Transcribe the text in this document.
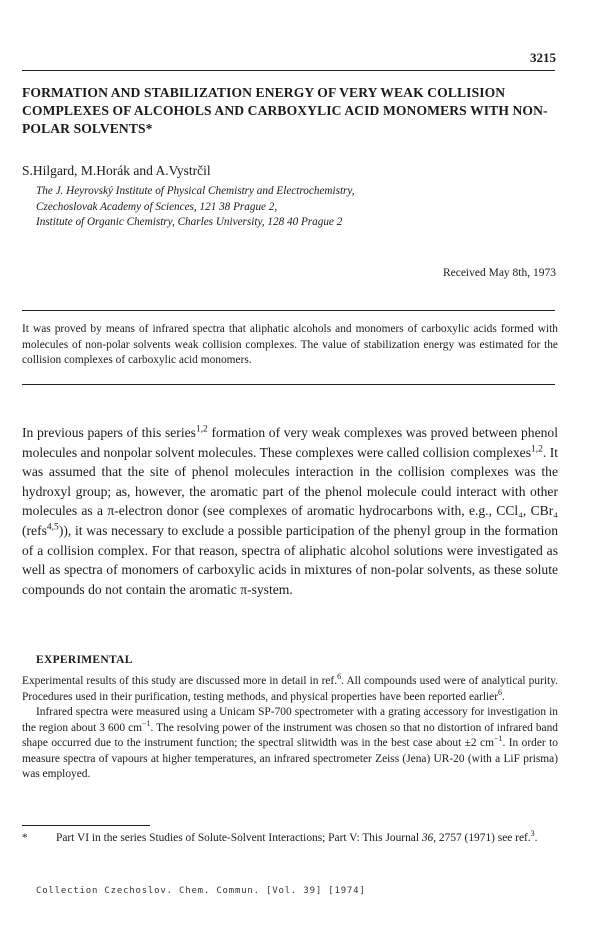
3215
FORMATION AND STABILIZATION ENERGY OF VERY WEAK COLLISION COMPLEXES OF ALCOHOLS AND CARBOXYLIC ACID MONOMERS WITH NON-POLAR SOLVENTS*
S.Hilgard, M.Horák and A.Vystrčil
The J. Heyrovský Institute of Physical Chemistry and Electrochemistry,
Czechoslovak Academy of Sciences, 121 38 Prague 2,
Institute of Organic Chemistry, Charles University, 128 40 Prague 2
Received May 8th, 1973
It was proved by means of infrared spectra that aliphatic alcohols and monomers of carboxylic acids formed with molecules of non-polar solvents weak collision complexes. The value of stabilization energy was estimated for the collision complexes of carboxylic acid monomers.
In previous papers of this series$^{1,2}$ formation of very weak complexes was proved between phenol molecules and nonpolar solvent molecules. These complexes were called collision complexes$^{1,2}$. It was assumed that the site of phenol molecules interaction in the collision complexes was the hydroxyl group; as, however, the aromatic part of the phenol molecule could interact with other molecules as a π-electron donor (see complexes of aromatic hydrocarbons with, e.g., CCl₄, CBr₄ (refs$^{4,5}$)), it was necessary to exclude a possible participation of the phenyl group in the formation of a collision complex. For that reason, spectra of aliphatic alcohol solutions were investigated as well as spectra of monomers of carboxylic acids in mixtures of non-polar solvents, as these solute compounds do not contain the aromatic π-system.
EXPERIMENTAL

Experimental results of this study are discussed more in detail in ref.$^6$. All compounds used were of analytical purity. Procedures used in their purification, testing methods, and physical properties have been reported earlier$^6$.

Infrared spectra were measured using a Unicam SP-700 spectrometer with a grating accessory for investigation in the region about 3 600 $cm^{-1}$. The resolving power of the instrument was chosen so that no distortion of infrared band shape occurred due to the instrument function; the spectral slitwidth was in the best case about ±2 $cm^{-1}$. In order to measure spectra of vapours at higher temperatures, an infrared spectrometer Zeiss (Jena) UR-20 (with a LiF prisma) was employed.

* Part VI in the series Studies of Solute-Solvent Interactions; Part V: This Journal 36, 2757 (1971) see ref.$^3$.
Collection Czechoslov. Chem. Commun. [Vol. 39] [1974]
